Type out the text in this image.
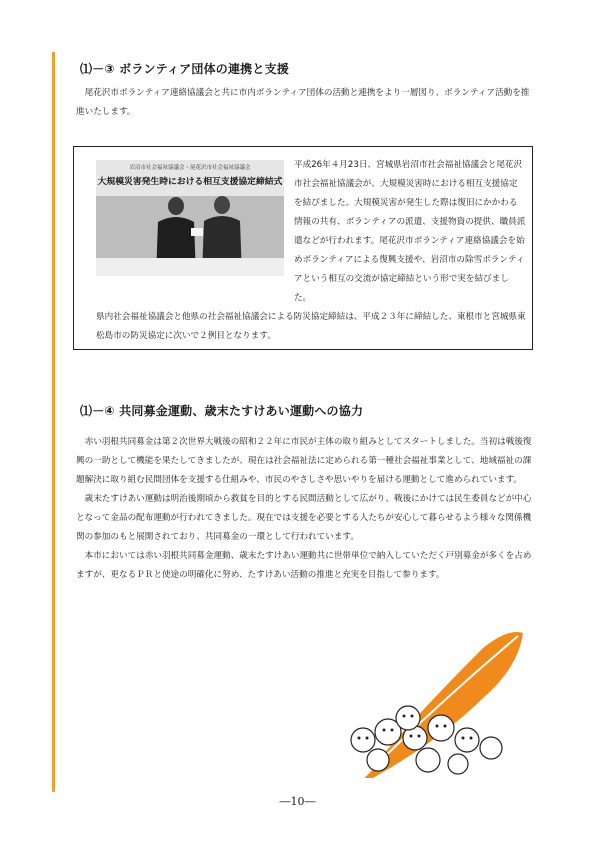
⑴－③ ボランティア団体の連携と支援

尾花沢市ボランティア連絡協議会と共に市内ボランティア団体の活動と連携をより一層図り、ボランティア活動を推進いたします。

岩沼市社会福祉協議会・尾花沢市社会福祉協議会
大規模災害発生時における相互支援協定締結式

平成26年４月23日、宮城県岩沼市社会福祉協議会と尾花沢市社会福祉協議会が、大規模災害時における相互支援協定を結びました。大規模災害が発生した際は復旧にかかわる情報の共有、ボランティアの派遣、支援物資の提供、職員派遣などが行われます。尾花沢市ボランティア連絡協議会を始めボランティアによる復興支援や、岩沼市の除雪ボランティアという相互の交流が協定締結という形で実を結びました。

県内社会福祉協議会と他県の社会福祉協議会による防災協定締結は、平成２３年に締結した、東根市と宮城県東松島市の防災協定に次いで２例目となります。

⑴－④ 共同募金運動、歳末たすけあい運動への協力

赤い羽根共同募金は第２次世界大戦後の昭和２２年に市民が主体の取り組みとしてスタートしました。当初は戦後復興の一助として機能を果たしてきましたが、現在は社会福祉法に定められる第一種社会福祉事業として、地域福祉の課題解決に取り組む民間団体を支援する仕組みや、市民のやさしさや思いやりを届ける運動として進められています。

歳末たすけあい運動は明治後期頃から救貧を目的とする民間活動として広がり、戦後にかけては民生委員などが中心となって金品の配布運動が行われてきました。現在では支援を必要とする人たちが安心して暮らせるよう様々な関係機関の参加のもと展開されており、共同募金の一環として行われています。

本市においては赤い羽根共同募金運動、歳末たすけあい運動共に世帯単位で納入していただく戸別募金が多くを占めますが、更なるＰＲと使途の明確化に努め、たすけあい活動の推進と充実を目指して参ります。

―10―
